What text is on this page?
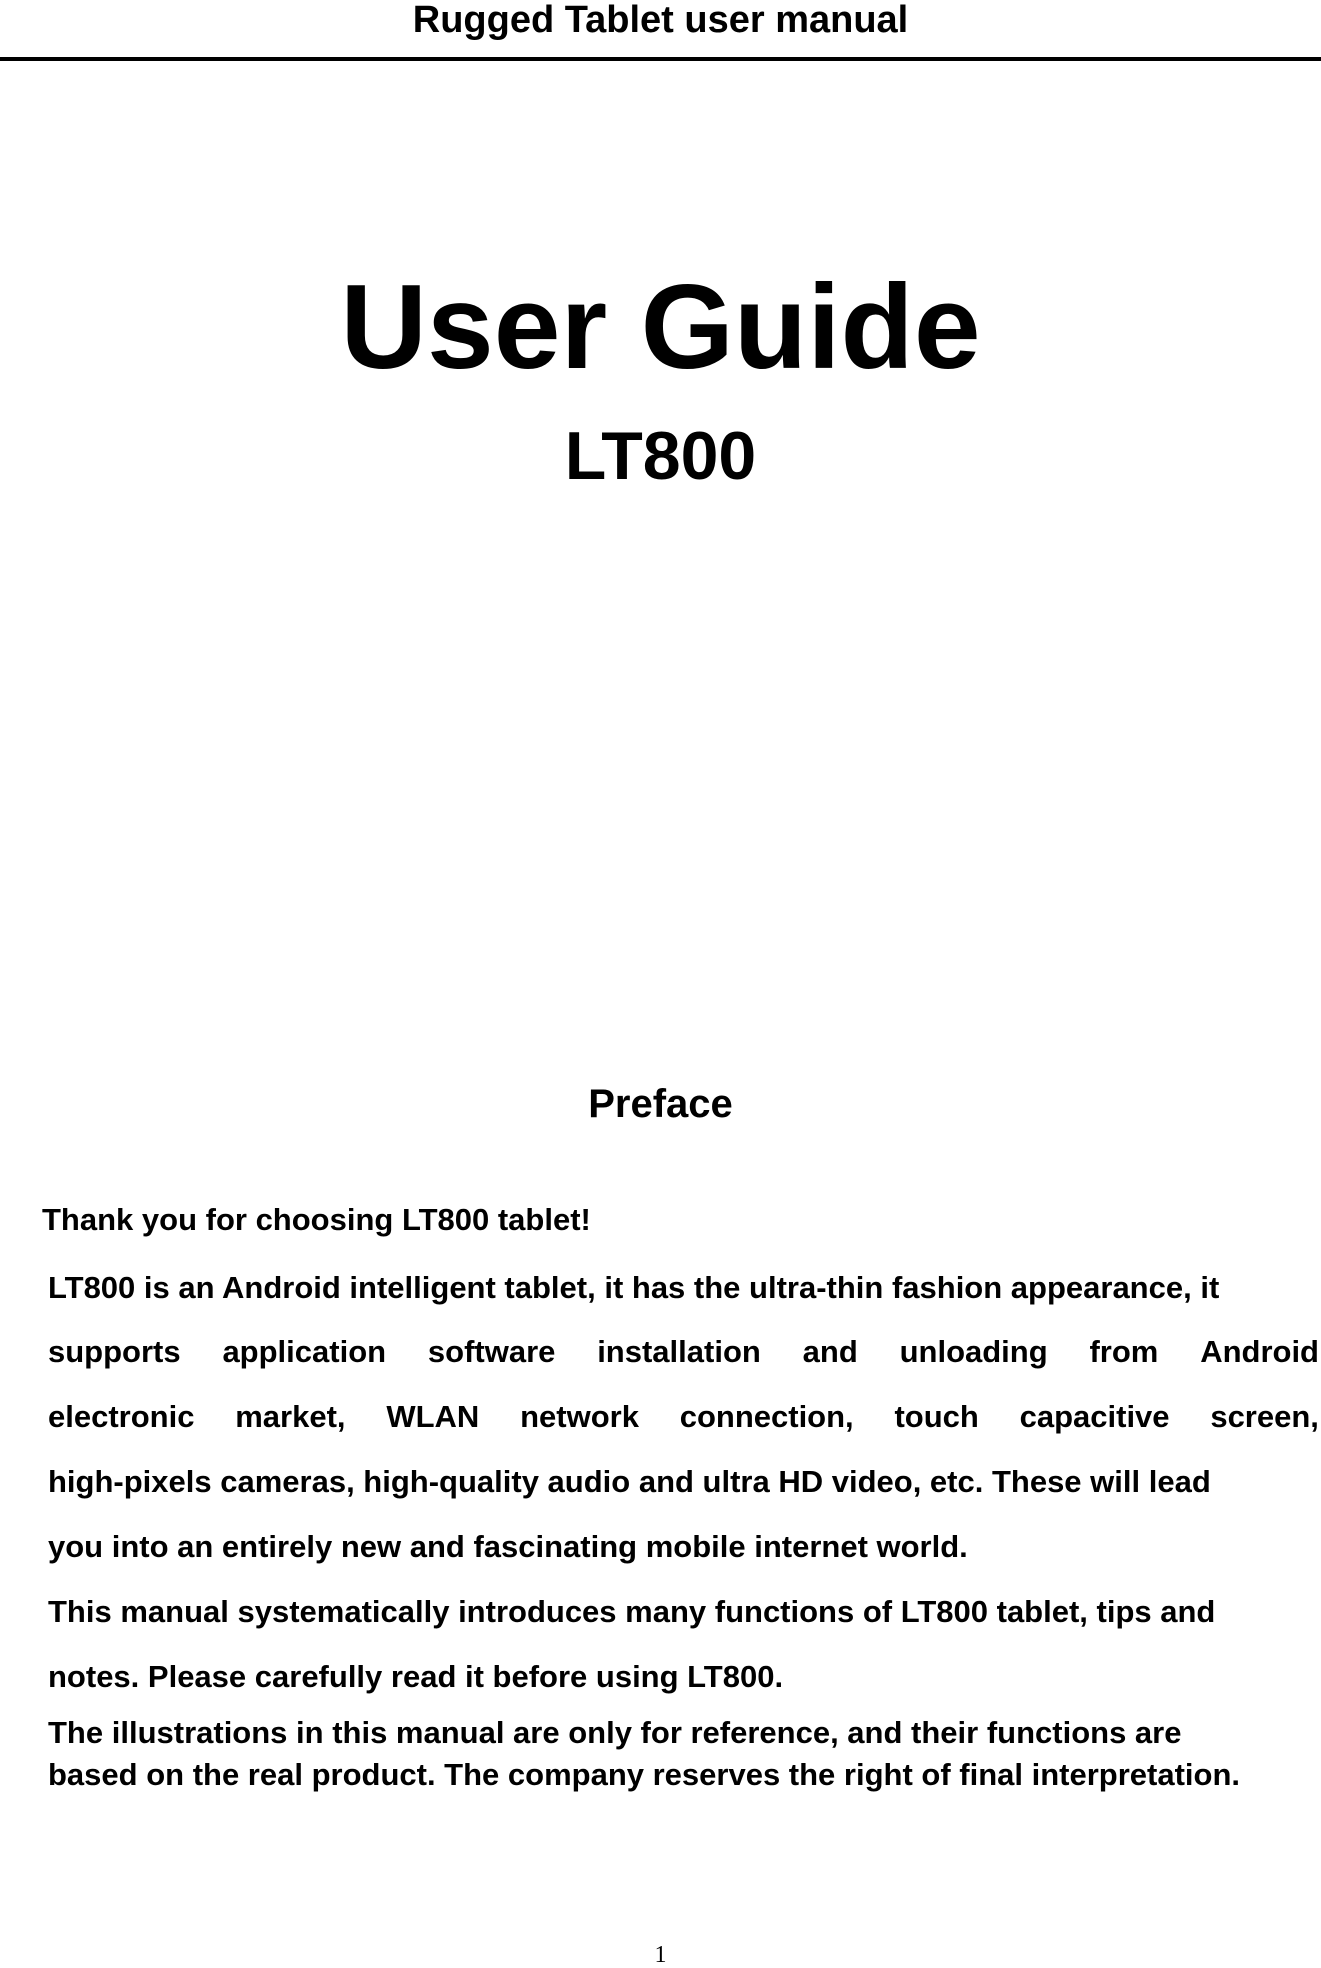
Rugged Tablet user manual
User Guide
LT800
Preface
Thank you for choosing LT800 tablet!
LT800 is an Android intelligent tablet, it has the ultra-thin fashion appearance, it
supports application software installation and unloading from Android
electronic market, WLAN network connection, touch capacitive screen,
high-pixels cameras, high-quality audio and ultra HD video, etc. These will lead
you into an entirely new and fascinating mobile internet world.
This manual systematically introduces many functions of LT800 tablet, tips and
notes. Please carefully read it before using LT800.
The illustrations in this manual are only for reference, and their functions are
based on the real product. The company reserves the right of final interpretation.
1
